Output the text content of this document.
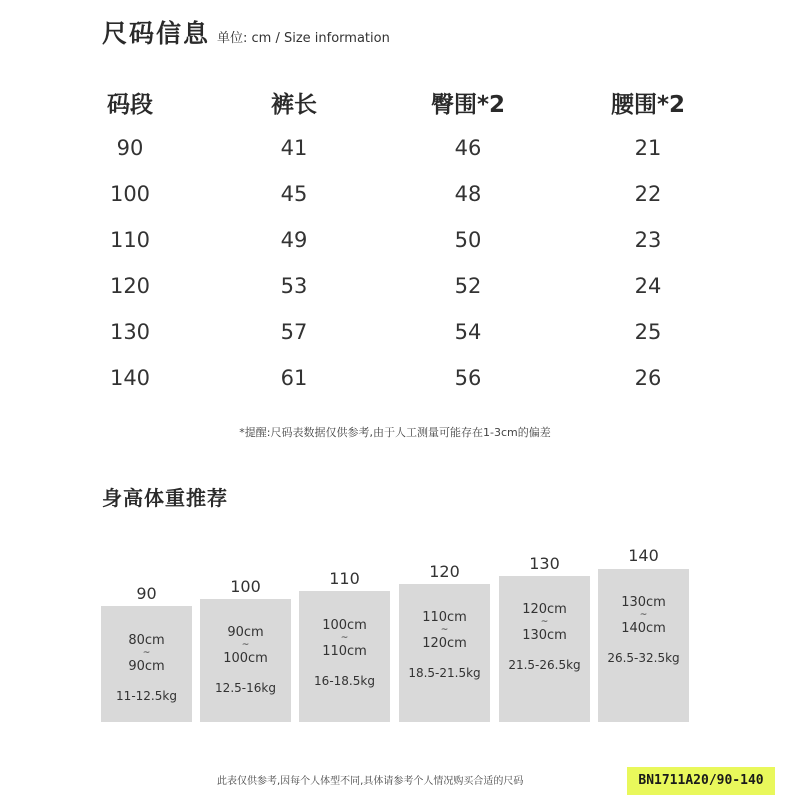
尺码信息 单位: cm / Size information
码段	裤长	臀围*2	腰围*2
90	41	46	21
100	45	48	22
110	49	50	23
120	53	52	24
130	57	54	25
140	61	56	26
*提醒:尺码表数据仅供参考,由于人工测量可能存在1-3cm的偏差
身高体重推荐
90
80cm
~
90cm
11-12.5kg
100
90cm
~
100cm
12.5-16kg
110
100cm
~
110cm
16-18.5kg
120
110cm
~
120cm
18.5-21.5kg
130
120cm
~
130cm
21.5-26.5kg
140
130cm
~
140cm
26.5-32.5kg
此表仅供参考,因每个人体型不同,具体请参考个人情况购买合适的尺码	BN1711A20/90-140
